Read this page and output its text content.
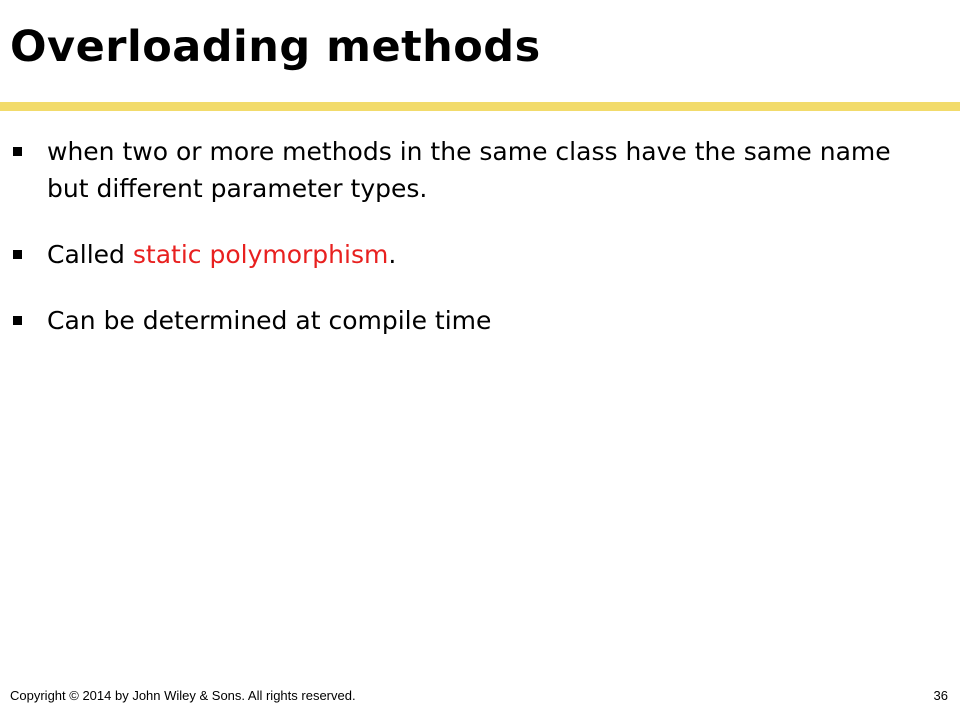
Overloading methods
when two or more methods in the same class have the same name but different parameter types.
Called static polymorphism.
Can be determined at compile time
Copyright © 2014 by John Wiley & Sons. All rights reserved.	36
